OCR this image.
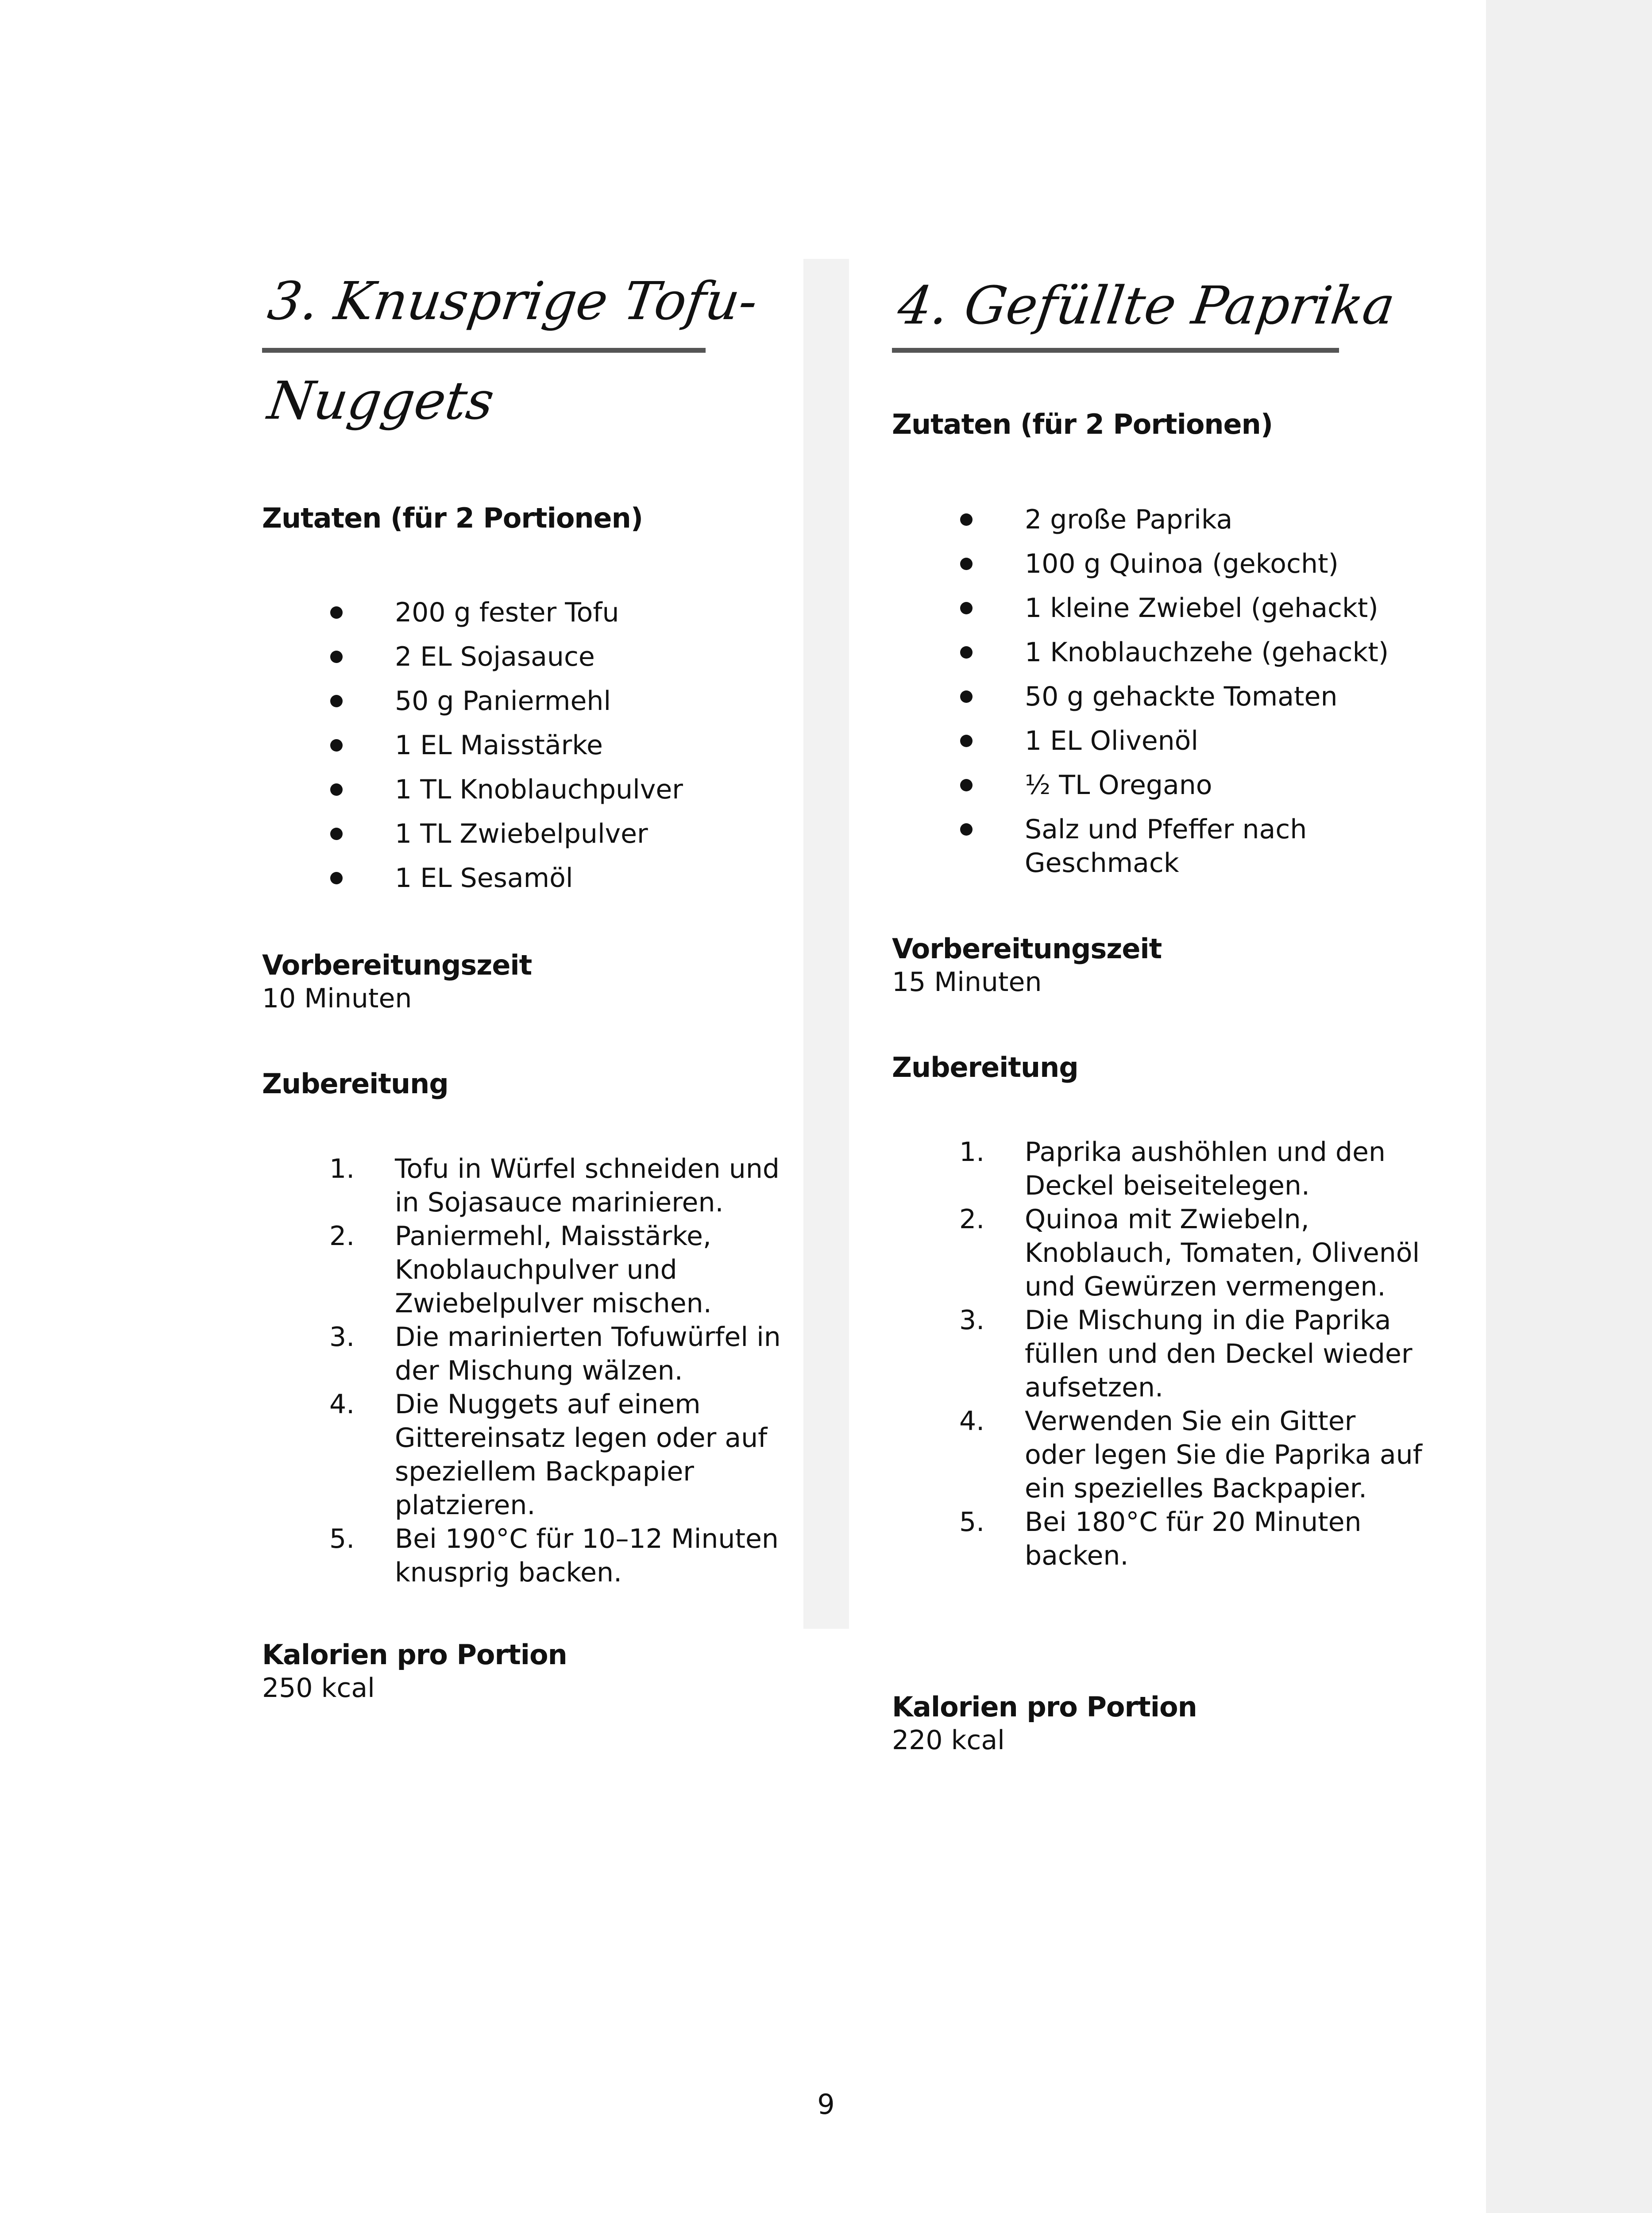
3. Knusprige Tofu-
Nuggets
Zutaten (für 2 Portionen)
200 g fester Tofu
2 EL Sojasauce
50 g Paniermehl
1 EL Maisstärke
1 TL Knoblauchpulver
1 TL Zwiebelpulver
1 EL Sesamöl
Vorbereitungszeit

10 Minuten

Zubereitung
1. Tofu in Würfel schneiden und in Sojasauce marinieren.
2. Paniermehl, Maisstärke, Knoblauchpulver und Zwiebelpulver mischen.
3. Die marinierten Tofuwürfel in der Mischung wälzen.
4. Die Nuggets auf einem Gittereinsatz legen oder auf speziellem Backpapier platzieren.
5. Bei 190°C für 10–12 Minuten knusprig backen.
Kalorien pro Portion

250 kcal

4. Gefüllte Paprika
Zutaten (für 2 Portionen)
2 große Paprika
100 g Quinoa (gekocht)
1 kleine Zwiebel (gehackt)
1 Knoblauchzehe (gehackt)
50 g gehackte Tomaten
1 EL Olivenöl
½ TL Oregano
Salz und Pfeffer nach Geschmack
Vorbereitungszeit

15 Minuten

Zubereitung
1. Paprika aushöhlen und den Deckel beiseitelegen.
2. Quinoa mit Zwiebeln, Knoblauch, Tomaten, Olivenöl und Gewürzen vermengen.
3. Die Mischung in die Paprika füllen und den Deckel wieder aufsetzen.
4. Verwenden Sie ein Gitter oder legen Sie die Paprika auf ein spezielles Backpapier.
5. Bei 180°C für 20 Minuten backen.
Kalorien pro Portion

220 kcal

9
